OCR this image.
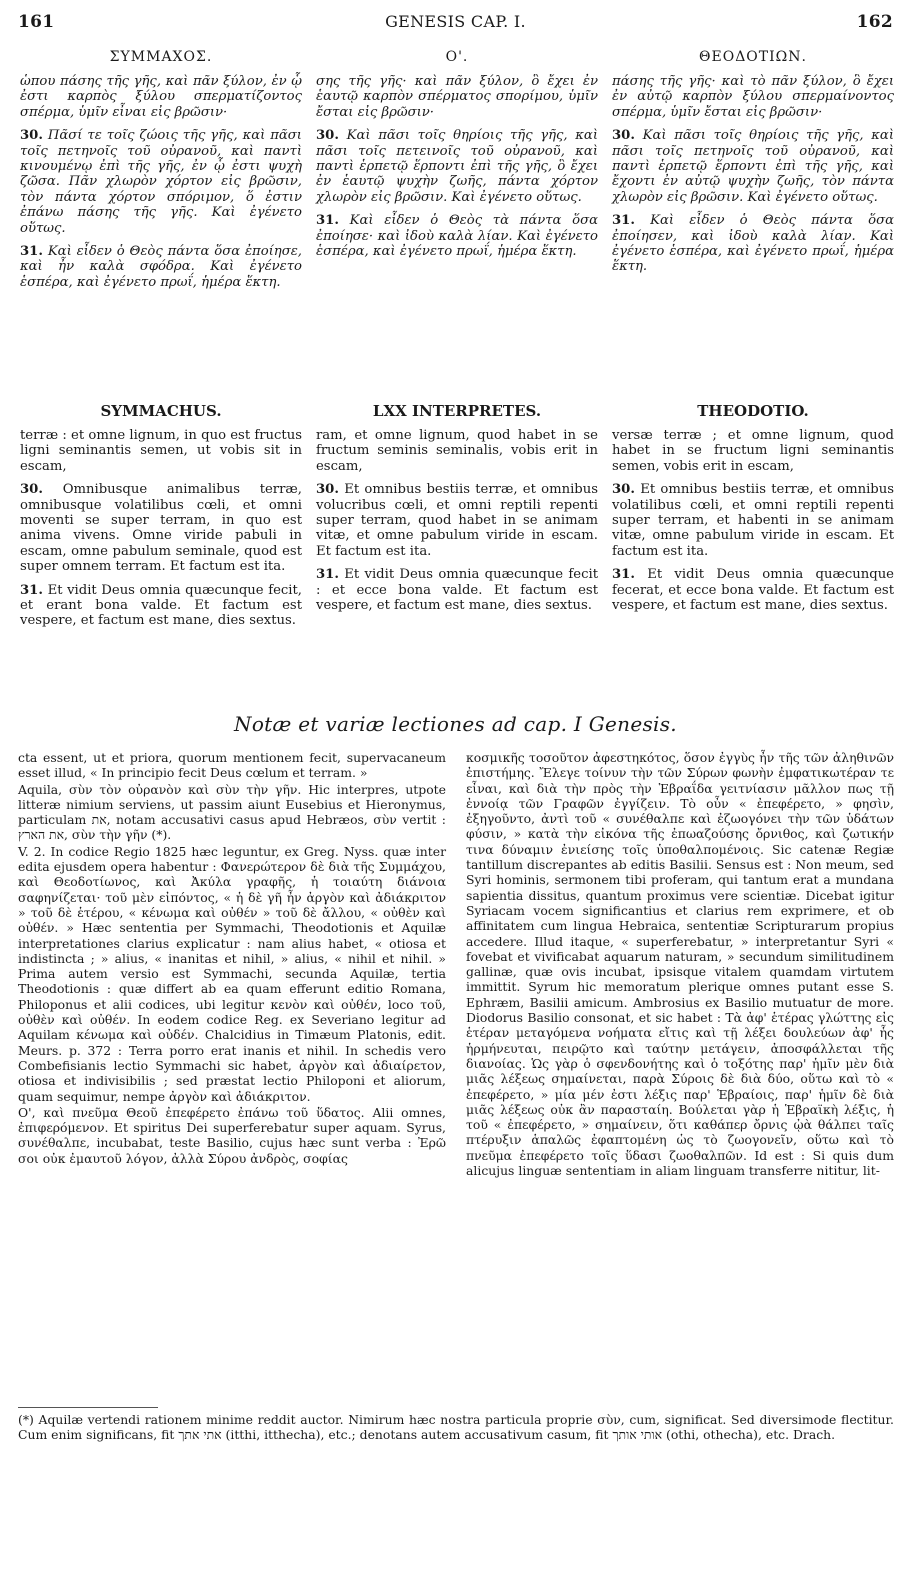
161	GENESIS CAP. I.	162
ΣΥΜΜΑΧΟΣ.

ὡπου πάσης τῆς γῆς, καὶ πᾶν ξύλον, ἐν ᾧ ἐστι καρπὸς ξύλου σπερματίζοντος σπέρμα, ὑμῖν εἶναι εἰς βρῶσιν·

30. Πᾶσί τε τοῖς ζώοις τῆς γῆς, καὶ πᾶσι τοῖς πετηνοῖς τοῦ οὐρανοῦ, καὶ παντὶ κινουμένῳ ἐπὶ τῆς γῆς, ἐν ᾧ ἐστι ψυχὴ ζῶσα. Πᾶν χλωρὸν χόρτον εἰς βρῶσιν, τὸν πάντα χόρτον σπόριμον, ὅ ἐστιν ἐπάνω πάσης τῆς γῆς. Καὶ ἐγένετο οὕτως.

31. Καὶ εἶδεν ὁ Θεὸς πάντα ὅσα ἐποίησε, καὶ ἦν καλὰ σφόδρα. Καὶ ἐγένετο ἑσπέρα, καὶ ἐγένετο πρωΐ, ἡμέρα ἕκτη.

Ο'.

σης τῆς γῆς· καὶ πᾶν ξύλον, ὃ ἔχει ἐν ἑαυτῷ καρπὸν σπέρματος σπορίμου, ὑμῖν ἔσται εἰς βρῶσιν·

30. Καὶ πᾶσι τοῖς θηρίοις τῆς γῆς, καὶ πᾶσι τοῖς πετεινοῖς τοῦ οὐρανοῦ, καὶ παντὶ ἑρπετῷ ἕρποντι ἐπὶ τῆς γῆς, ὃ ἔχει ἐν ἑαυτῷ ψυχὴν ζωῆς, πάντα χόρτον χλωρὸν εἰς βρῶσιν. Καὶ ἐγένετο οὕτως.

31. Καὶ εἶδεν ὁ Θεὸς τὰ πάντα ὅσα ἐποίησε· καὶ ἰδοὺ καλὰ λίαν. Καὶ ἐγένετο ἑσπέρα, καὶ ἐγένετο πρωΐ, ἡμέρα ἕκτη.

ΘΕΟΔΟΤΙΩΝ.

πάσης τῆς γῆς· καὶ τὸ πᾶν ξύλον, ὃ ἔχει ἐν αὐτῷ καρπὸν ξύλου σπερμαίνοντος σπέρμα, ὑμῖν ἔσται εἰς βρῶσιν·

30. Καὶ πᾶσι τοῖς θηρίοις τῆς γῆς, καὶ πᾶσι τοῖς πετηνοῖς τοῦ οὐρανοῦ, καὶ παντὶ ἑρπετῷ ἕρποντι ἐπὶ τῆς γῆς, καὶ ἔχοντι ἐν αὐτῷ ψυχὴν ζωῆς, τὸν πάντα χλωρὸν εἰς βρῶσιν. Καὶ ἐγένετο οὕτως.

31. Καὶ εἶδεν ὁ Θεὸς πάντα ὅσα ἐποίησεν, καὶ ἰδοὺ καλὰ λίαν. Καὶ ἐγένετο ἑσπέρα, καὶ ἐγένετο πρωΐ, ἡμέρα ἕκτη.

SYMMACHUS.

terræ : et omne lignum, in quo est fructus ligni seminantis semen, ut vobis sit in escam,

30. Omnibusque animalibus terræ, omnibusque volatilibus cœli, et omni moventi se super terram, in quo est anima vivens. Omne viride pabuli in escam, omne pabulum seminale, quod est super omnem terram. Et factum est ita.

31. Et vidit Deus omnia quæcunque fecit, et erant bona valde. Et factum est vespere, et factum est mane, dies sextus.

LXX INTERPRETES.

ram, et omne lignum, quod habet in se fructum seminis seminalis, vobis erit in escam,

30. Et omnibus bestiis terræ, et omnibus volucribus cœli, et omni reptili repenti super terram, quod habet in se animam vitæ, et omne pabulum viride in escam. Et factum est ita.

31. Et vidit Deus omnia quæcunque fecit : et ecce bona valde. Et factum est vespere, et factum est mane, dies sextus.

THEODOTIO.

versæ terræ ; et omne lignum, quod habet in se fructum ligni seminantis semen, vobis erit in escam,

30. Et omnibus bestiis terræ, et omnibus volatilibus cœli, et omni reptili repenti super terram, et habenti in se animam vitæ, omne pabulum viride in escam. Et factum est ita.

31. Et vidit Deus omnia quæcunque fecerat, et ecce bona valde. Et factum est vespere, et factum est mane, dies sextus.

Notæ et variæ lectiones ad cap. I Genesis.

cta essent, ut et priora, quorum mentionem fecit, supervacaneum esset illud, « In principio fecit Deus cœlum et terram. »

Aquila, σὺν τὸν οὐρανὸν καὶ σὺν τὴν γῆν. Hic interpres, utpote litteræ nimium serviens, ut passim aiunt Eusebius et Hieronymus, particulam את, notam accusativi casus apud Hebræos, σὺν vertit : את הארץ, σὺν τὴν γῆν (*).

V. 2. In codice Regio 1825 hæc leguntur, ex Greg. Nyss. quæ inter edita ejusdem opera habentur : Φανερώτερον δὲ διὰ τῆς Συμμάχου, καὶ Θεοδοτίωνος, καὶ Ἀκύλα γραφῆς, ἡ τοιαύτη διάνοια σαφηνίζεται· τοῦ μὲν εἰπόντος, « ἡ δὲ γῆ ἦν ἀργὸν καὶ ἀδιάκριτον » τοῦ δὲ ἑτέρου, « κένωμα καὶ οὐθέν » τοῦ δὲ ἄλλου, « οὐθὲν καὶ οὐθέν. » Hæc sententia per Symmachi, Theodotionis et Aquilæ interpretationes clarius explicatur : nam alius habet, « otiosa et indistincta ; » alius, « inanitas et nihil, » alius, « nihil et nihil. » Prima autem versio est Symmachi, secunda Aquilæ, tertia Theodotionis : quæ differt ab ea quam efferunt editio Romana, Philoponus et alii codices, ubi legitur κενὸν καὶ οὐθέν, loco τοῦ, οὐθὲν καὶ οὐθέν. In eodem codice Reg. ex Severiano legitur ad Aquilam κένωμα καὶ οὐδέν. Chalcidius in Timæum Platonis, edit. Meurs. p. 372 : Terra porro erat inanis et nihil. In schedis vero Combefisianis lectio Symmachi sic habet, ἀργὸν καὶ ἀδιαίρετον, otiosa et indivisibilis ; sed præstat lectio Philoponi et aliorum, quam sequimur, nempe ἀργὸν καὶ ἀδιάκριτον.

Ο', καὶ πνεῦμα Θεοῦ ἐπεφέρετο ἐπάνω τοῦ ὕδατος. Alii omnes, ἐπιφερόμενον. Et spiritus Dei superferebatur super aquam. Syrus, συνέθαλπε, incubabat, teste Basilio, cujus hæc sunt verba : Ἐρῶ σοι οὐκ ἐμαυτοῦ λόγον, ἀλλὰ Σύρου ἀνδρὸς, σοφίας

κοσμικῆς τοσοῦτον ἀφεστηκότος, ὅσον ἐγγὺς ἦν τῆς τῶν ἀληθινῶν ἐπιστήμης. Ἔλεγε τοίνυν τὴν τῶν Σύρων φωνὴν ἐμφατικωτέραν τε εἶναι, καὶ διὰ τὴν πρὸς τὴν Ἑβραΐδα γειτνίασιν μᾶλλον πως τῇ ἐννοίᾳ τῶν Γραφῶν ἐγγίζειν. Τὸ οὖν « ἐπεφέρετο, » φησὶν, ἐξηγοῦντο, ἀντὶ τοῦ « συνέθαλπε καὶ ἐζωογόνει τὴν τῶν ὑδάτων φύσιν, » κατὰ τὴν εἰκόνα τῆς ἐπωαζούσης ὄρνιθος, καὶ ζωτικήν τινα δύναμιν ἐνιείσης τοῖς ὑποθαλπομένοις. Sic catenæ Regiæ tantillum discrepantes ab editis Basilii. Sensus est : Non meum, sed Syri hominis, sermonem tibi proferam, qui tantum erat a mundana sapientia dissitus, quantum proximus vere scientiæ. Dicebat igitur Syriacam vocem significantius et clarius rem exprimere, et ob affinitatem cum lingua Hebraica, sententiæ Scripturarum propius accedere. Illud itaque, « superferebatur, » interpretantur Syri « fovebat et vivificabat aquarum naturam, » secundum similitudinem gallinæ, quæ ovis incubat, ipsisque vitalem quamdam virtutem immittit. Syrum hic memoratum plerique omnes putant esse S. Ephræm, Basilii amicum. Ambrosius ex Basilio mutuatur de more. Diodorus Basilio consonat, et sic habet : Τὰ ἀφ' ἑτέρας γλώττης εἰς ἑτέραν μεταγόμενα νοήματα εἴτις καὶ τῇ λέξει δουλεύων ἀφ' ἧς ἡρμήνευται, πειρῷτο καὶ ταύτην μετάγειν, ἀποσφάλλεται τῆς διανοίας. Ὡς γὰρ ὁ σφενδονήτης καὶ ὁ τοξότης παρ' ἡμῖν μὲν διὰ μιᾶς λέξεως σημαίνεται, παρὰ Σύροις δὲ διὰ δύο, οὕτω καὶ τὸ « ἐπεφέρετο, » μία μέν ἐστι λέξις παρ' Ἑβραίοις, παρ' ἡμῖν δὲ διὰ μιᾶς λέξεως οὐκ ἂν παρασταίη. Βούλεται γὰρ ἡ Ἑβραϊκὴ λέξις, ἡ τοῦ « ἐπεφέρετο, » σημαίνειν, ὅτι καθάπερ ὄρνις ᾠὰ θάλπει ταῖς πτέρυξιν ἁπαλῶς ἐφαπτομένη ὡς τὸ ζωογονεῖν, οὕτω καὶ τὸ πνεῦμα ἐπεφέρετο τοῖς ὕδασι ζωοθαλπῶν. Id est : Si quis dum alicujus linguæ sententiam in aliam linguam transferre nititur, lit-

(*) Aquilæ vertendi rationem minime reddit auctor. Nimirum hæc nostra particula proprie σὺν, cum, significat. Sed diversimode flectitur. Cum enim significans, fit אתי אתך (itthi, itthecha), etc.; denotans autem accusativum casum, fit אותי אותך (othi, othecha), etc. Drach.
